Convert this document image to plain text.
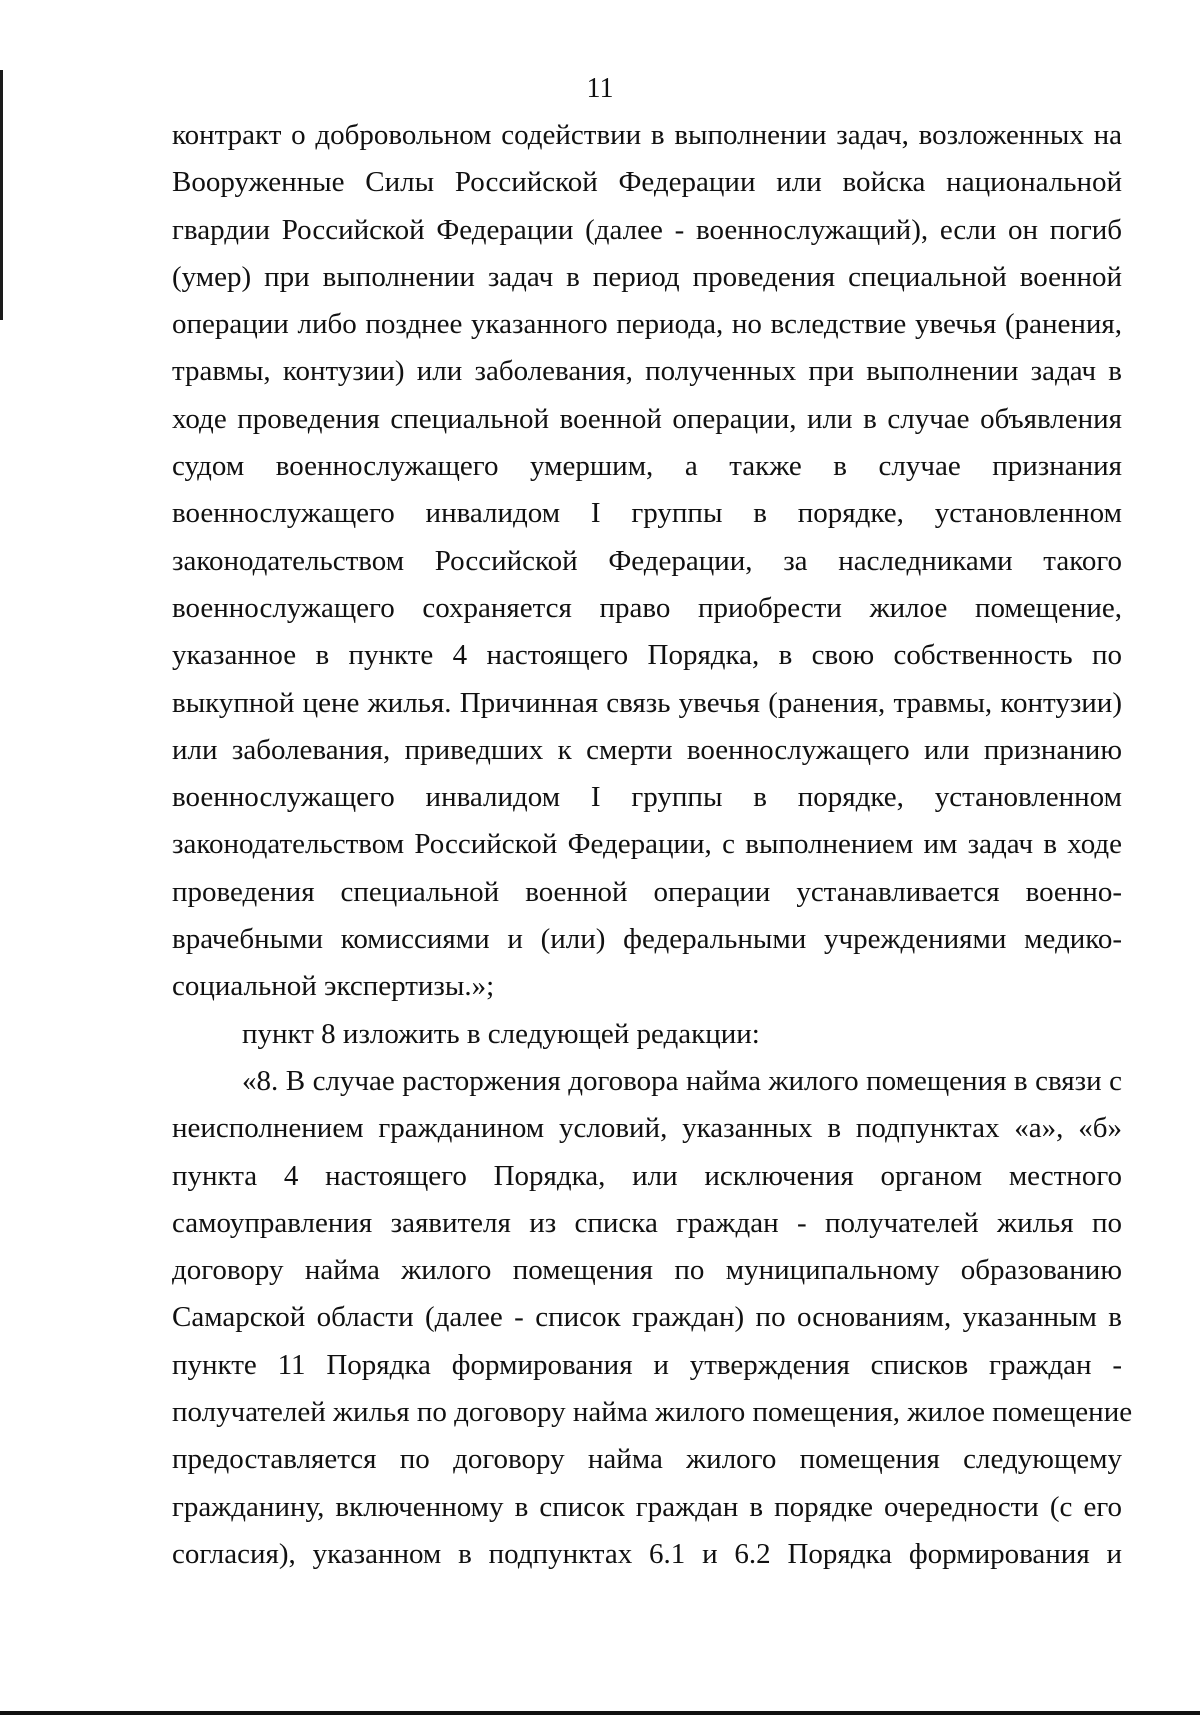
11
контракт о добровольном содействии в выполнении задач, возложенных на
Вооруженные Силы Российской Федерации или войска национальной
гвардии Российской Федерации (далее - военнослужащий), если он погиб
(умер) при выполнении задач в период проведения специальной военной
операции либо позднее указанного периода, но вследствие увечья (ранения,
травмы, контузии) или заболевания, полученных при выполнении задач в
ходе проведения специальной военной операции, или в случае объявления
судом военнослужащего умершим, а также в случае признания
военнослужащего инвалидом I группы в порядке, установленном
законодательством Российской Федерации, за наследниками такого
военнослужащего сохраняется право приобрести жилое помещение,
указанное в пункте 4 настоящего Порядка, в свою собственность по
выкупной цене жилья. Причинная связь увечья (ранения, травмы, контузии)
или заболевания, приведших к смерти военнослужащего или признанию
военнослужащего инвалидом I группы в порядке, установленном
законодательством Российской Федерации, с выполнением им задач в ходе
проведения специальной военной операции устанавливается военно-
врачебными комиссиями и (или) федеральными учреждениями медико-
социальной экспертизы.»;
пункт 8 изложить в следующей редакции:
«8. В случае расторжения договора найма жилого помещения в связи с
неисполнением гражданином условий, указанных в подпунктах «а», «б»
пункта 4 настоящего Порядка, или исключения органом местного
самоуправления заявителя из списка граждан - получателей жилья по
договору найма жилого помещения по муниципальному образованию
Самарской области (далее - список граждан) по основаниям, указанным в
пункте 11 Порядка формирования и утверждения списков граждан -
получателей жилья по договору найма жилого помещения, жилое помещение
предоставляется по договору найма жилого помещения следующему
гражданину, включенному в список граждан в порядке очередности (с его
согласия), указанном в подпунктах 6.1 и 6.2 Порядка формирования и
